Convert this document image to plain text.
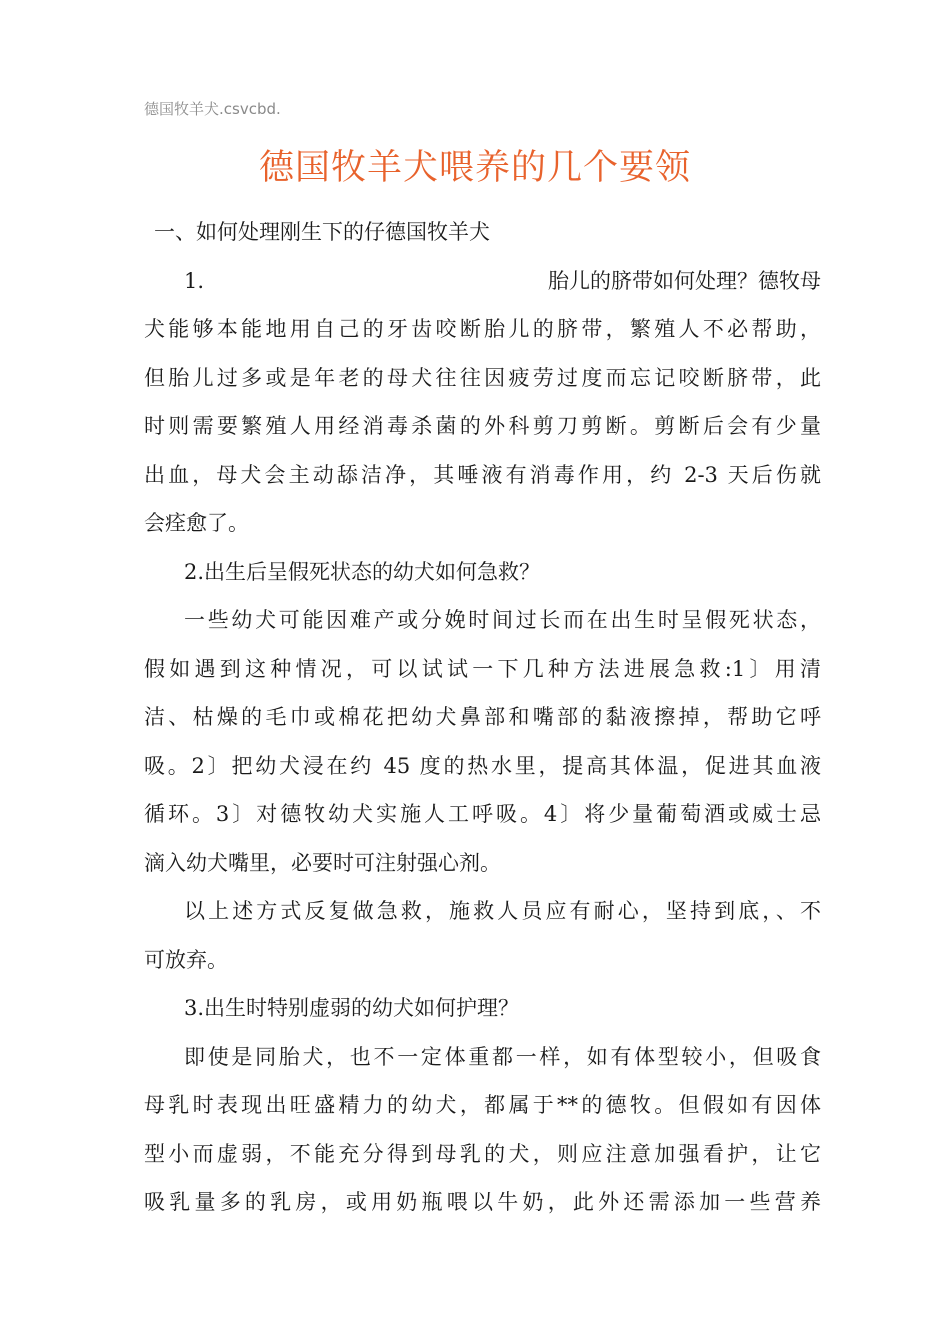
德国牧羊犬.csvcbd.
德国牧羊犬喂养的几个要领
一、如何处理刚生下的仔德国牧羊犬
1.	胎儿的脐带如何处理？德牧母
犬能够本能地用自己的牙齿咬断胎儿的脐带，繁殖人不必帮助，
但胎儿过多或是年老的母犬往往因疲劳过度而忘记咬断脐带，此
时则需要繁殖人用经消毒杀菌的外科剪刀剪断。剪断后会有少量
出血，母犬会主动舔洁净，其唾液有消毒作用，约 2-3 天后伤就
会痊愈了。
2.出生后呈假死状态的幼犬如何急救？
一些幼犬可能因难产或分娩时间过长而在出生时呈假死状态，
假如遇到这种情况，可以试试一下几种方法进展急救:1〕用清
洁、枯燥的毛巾或棉花把幼犬鼻部和嘴部的黏液擦掉，帮助它呼
吸。2〕把幼犬浸在约 45 度的热水里，提高其体温，促进其血液
循环。3〕对德牧幼犬实施人工呼吸。4〕将少量葡萄酒或威士忌
滴入幼犬嘴里，必要时可注射强心剂。
以上述方式反复做急救，施救人员应有耐心，坚持到底，、不
可放弃。
3.出生时特别虚弱的幼犬如何护理？
即使是同胎犬，也不一定体重都一样，如有体型较小，但吸食
母乳时表现出旺盛精力的幼犬，都属于**的德牧。但假如有因体
型小而虚弱，不能充分得到母乳的犬，则应注意加强看护，让它
吸乳量多的乳房，或用奶瓶喂以牛奶，此外还需添加一些营养
